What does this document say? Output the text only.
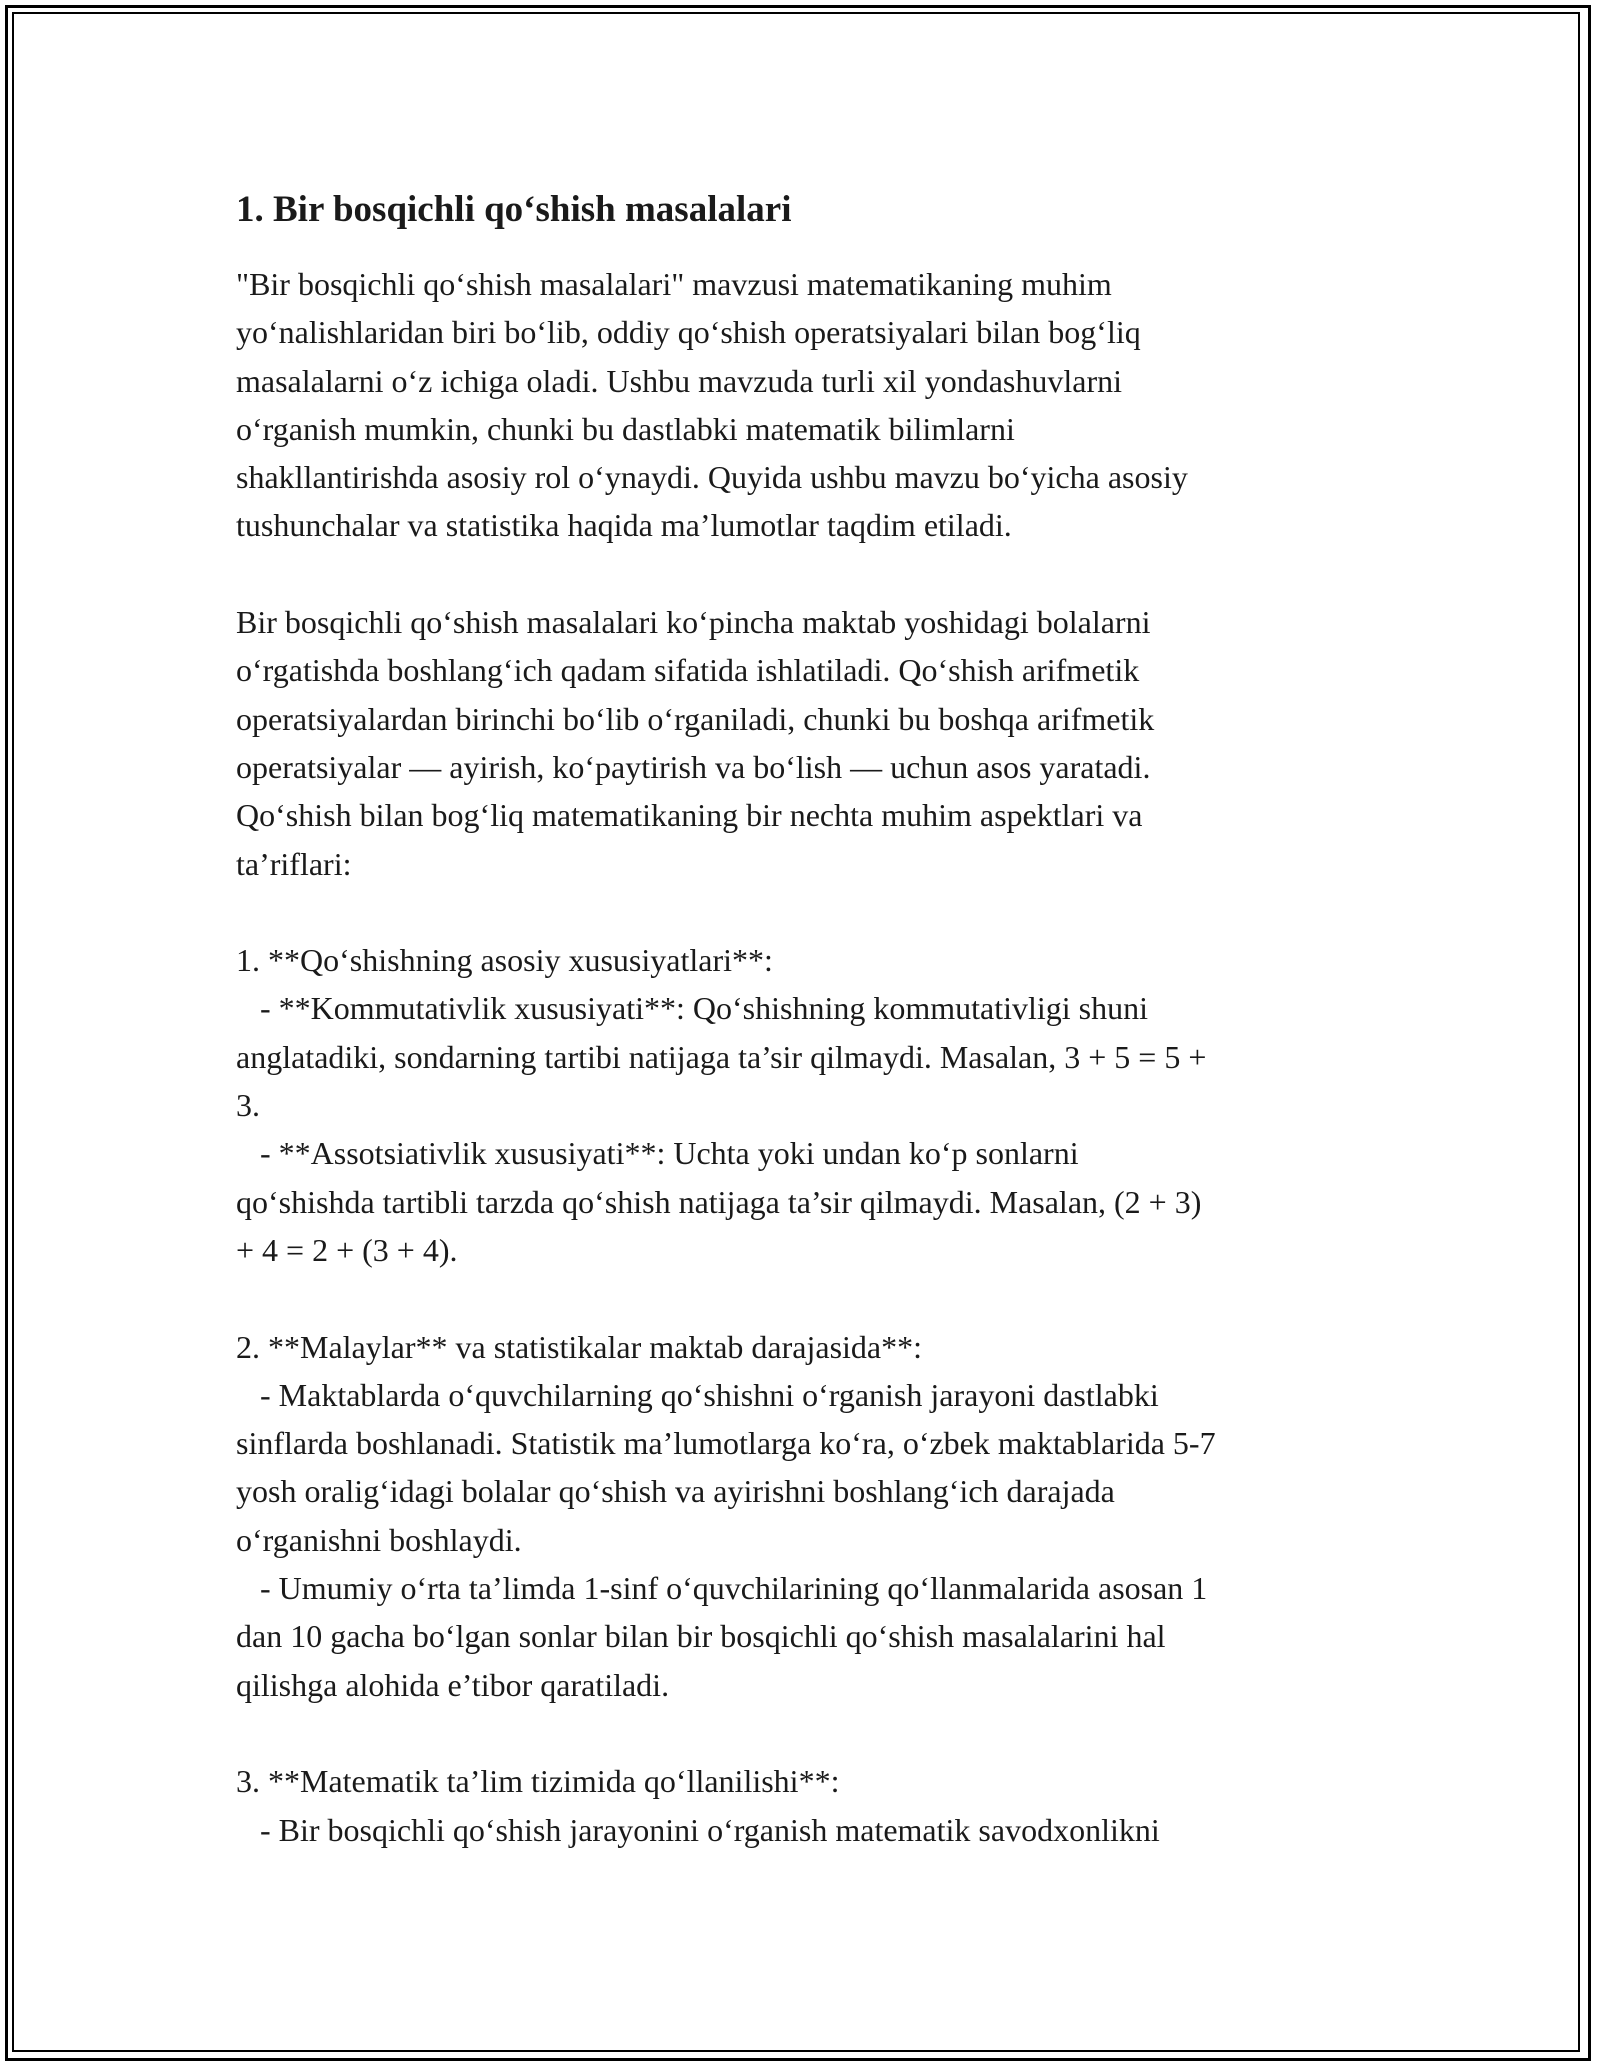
1. Bir bosqichli qo‘shish masalalari

"Bir bosqichli qo‘shish masalalari" mavzusi matematikaning muhim
yo‘nalishlaridan biri bo‘lib, oddiy qo‘shish operatsiyalari bilan bog‘liq
masalalarni o‘z ichiga oladi. Ushbu mavzuda turli xil yondashuvlarni
o‘rganish mumkin, chunki bu dastlabki matematik bilimlarni
shakllantirishda asosiy rol o‘ynaydi. Quyida ushbu mavzu bo‘yicha asosiy
tushunchalar va statistika haqida ma’lumotlar taqdim etiladi.

Bir bosqichli qo‘shish masalalari ko‘pincha maktab yoshidagi bolalarni
o‘rgatishda boshlang‘ich qadam sifatida ishlatiladi. Qo‘shish arifmetik
operatsiyalardan birinchi bo‘lib o‘rganiladi, chunki bu boshqa arifmetik
operatsiyalar — ayirish, ko‘paytirish va bo‘lish — uchun asos yaratadi.
Qo‘shish bilan bog‘liq matematikaning bir nechta muhim aspektlari va
ta’riflari:

1. **Qo‘shishning asosiy xususiyatlari**:
- **Kommutativlik xususiyati**: Qo‘shishning kommutativligi shuni
anglatadiki, sondarning tartibi natijaga ta’sir qilmaydi. Masalan, 3 + 5 = 5 +
3.
- **Assotsiativlik xususiyati**: Uchta yoki undan ko‘p sonlarni
qo‘shishda tartibli tarzda qo‘shish natijaga ta’sir qilmaydi. Masalan, (2 + 3)
+ 4 = 2 + (3 + 4).

2. **Malaylar** va statistikalar maktab darajasida**:
- Maktablarda o‘quvchilarning qo‘shishni o‘rganish jarayoni dastlabki
sinflarda boshlanadi. Statistik ma’lumotlarga ko‘ra, o‘zbek maktablarida 5-7
yosh oralig‘idagi bolalar qo‘shish va ayirishni boshlang‘ich darajada
o‘rganishni boshlaydi.
- Umumiy o‘rta ta’limda 1-sinf o‘quvchilarining qo‘llanmalarida asosan 1
dan 10 gacha bo‘lgan sonlar bilan bir bosqichli qo‘shish masalalarini hal
qilishga alohida e’tibor qaratiladi.

3. **Matematik ta’lim tizimida qo‘llanilishi**:
- Bir bosqichli qo‘shish jarayonini o‘rganish matematik savodxonlikni
